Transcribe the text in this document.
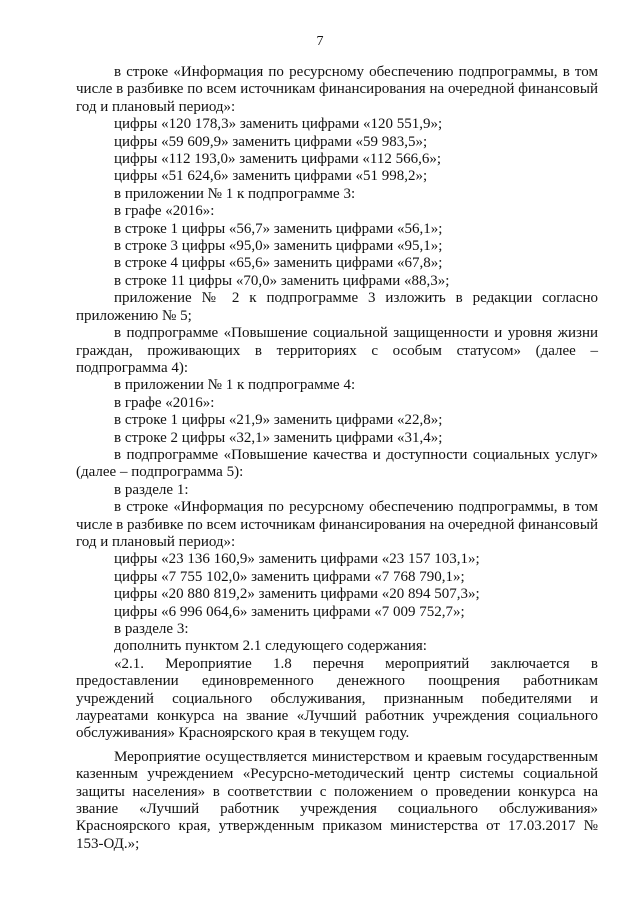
7

в строке «Информация по ресурсному обеспечению подпрограммы, в том числе в разбивке по всем источникам финансирования на очередной финансовый год и плановый период»:

цифры «120 178,3» заменить цифрами «120 551,9»;

цифры «59 609,9» заменить цифрами «59 983,5»;

цифры «112 193,0» заменить цифрами «112 566,6»;

цифры «51 624,6» заменить цифрами «51 998,2»;

в приложении № 1 к подпрограмме 3:

в графе «2016»:

в строке 1 цифры «56,7» заменить цифрами «56,1»;

в строке 3 цифры «95,0» заменить цифрами «95,1»;

в строке 4 цифры «65,6» заменить цифрами «67,8»;

в строке 11 цифры «70,0» заменить цифрами «88,3»;

приложение № 2 к подпрограмме 3 изложить в редакции согласно приложению № 5;

в подпрограмме «Повышение социальной защищенности и уровня жизни граждан, проживающих в территориях с особым статусом» (далее – подпрограмма 4):

в приложении № 1 к подпрограмме 4:

в графе «2016»:

в строке 1 цифры «21,9» заменить цифрами «22,8»;

в строке 2 цифры «32,1» заменить цифрами «31,4»;

в подпрограмме «Повышение качества и доступности социальных услуг» (далее – подпрограмма 5):

в разделе 1:

в строке «Информация по ресурсному обеспечению подпрограммы, в том числе в разбивке по всем источникам финансирования на очередной финансовый год и плановый период»:

цифры «23 136 160,9» заменить цифрами «23 157 103,1»;

цифры «7 755 102,0» заменить цифрами «7 768 790,1»;

цифры «20 880 819,2» заменить цифрами «20 894 507,3»;

цифры «6 996 064,6» заменить цифрами «7 009 752,7»;

в разделе 3:

дополнить пунктом 2.1 следующего содержания:

«2.1. Мероприятие 1.8 перечня мероприятий заключается в предоставлении единовременного денежного поощрения работникам учреждений социального обслуживания, признанным победителями и лауреатами конкурса на звание «Лучший работник учреждения социального обслуживания» Красноярского края в текущем году.

Мероприятие осуществляется министерством и краевым государственным казенным учреждением «Ресурсно-методический центр системы социальной защиты населения» в соответствии с положением о проведении конкурса на звание «Лучший работник учреждения социального обслуживания» Красноярского края, утвержденным приказом министерства от 17.03.2017 № 153-ОД.»;
